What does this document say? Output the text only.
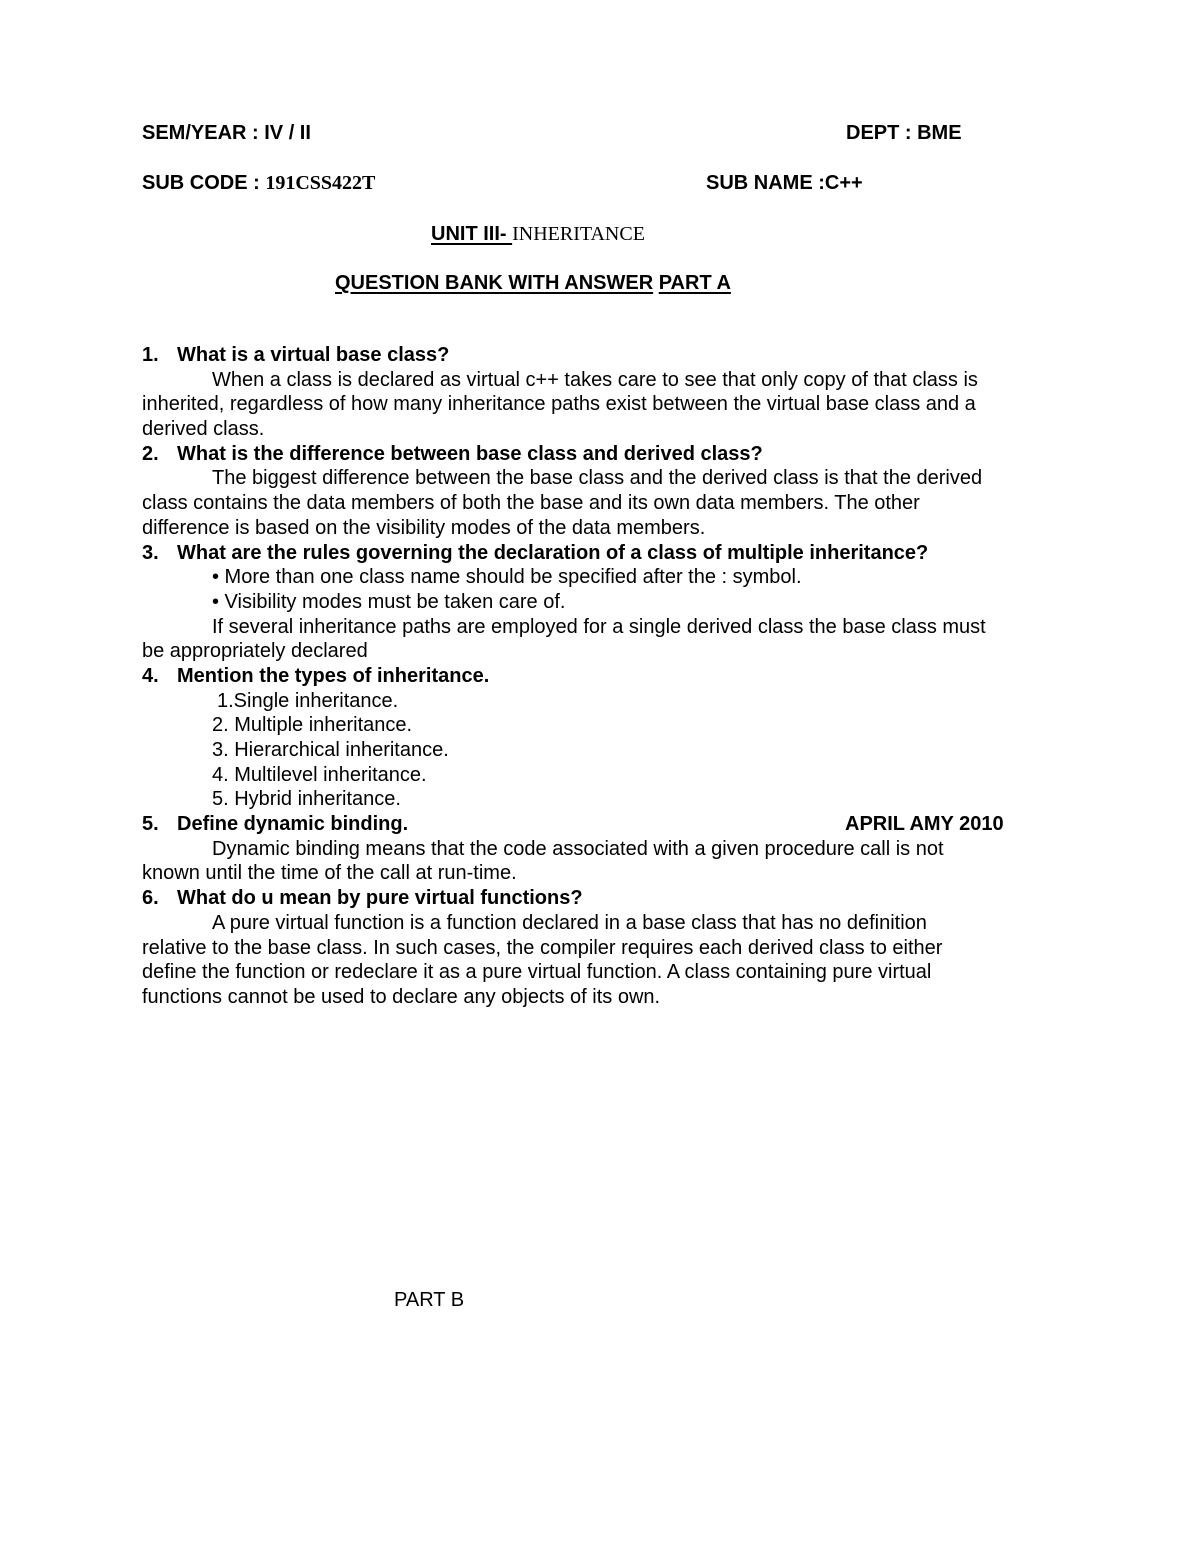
SEM/YEAR : IV / II	DEPT : BME
SUB CODE : 191CSS422T	SUB NAME :C++
UNIT III- INHERITANCE
QUESTION BANK WITH ANSWER PART A
1. What is a virtual base class?
When a class is declared as virtual c++ takes care to see that only copy of that class is
inherited, regardless of how many inheritance paths exist between the virtual base class and a
derived class.
2. What is the difference between base class and derived class?
The biggest difference between the base class and the derived class is that the derived
class contains the data members of both the base and its own data members. The other
difference is based on the visibility modes of the data members.
3. What are the rules governing the declaration of a class of multiple inheritance?
• More than one class name should be specified after the : symbol.
• Visibility modes must be taken care of.
If several inheritance paths are employed for a single derived class the base class must
be appropriately declared
4. Mention the types of inheritance.
1.Single inheritance.
2. Multiple inheritance.
3. Hierarchical inheritance.
4. Multilevel inheritance.
5. Hybrid inheritance.
5. Define dynamic binding.	APRIL AMY 2010
Dynamic binding means that the code associated with a given procedure call is not
known until the time of the call at run-time.
6. What do u mean by pure virtual functions?
A pure virtual function is a function declared in a base class that has no definition
relative to the base class. In such cases, the compiler requires each derived class to either
define the function or redeclare it as a pure virtual function. A class containing pure virtual
functions cannot be used to declare any objects of its own.
PART B
